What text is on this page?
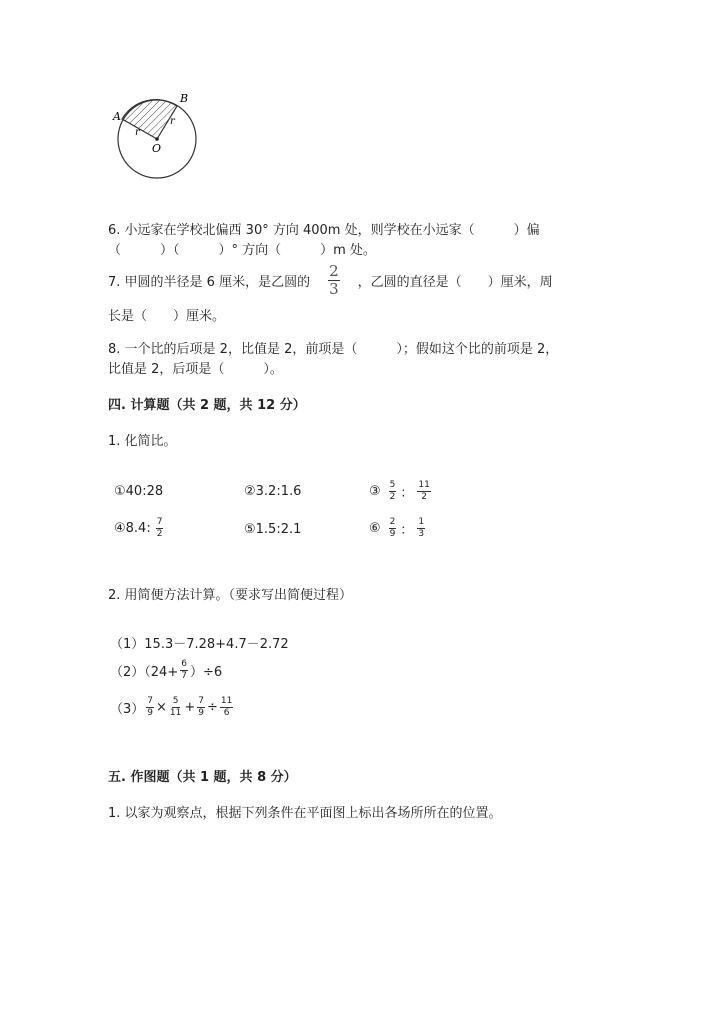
A
B
O
r
r
6. 小远家在学校北偏西 30° 方向 400m 处，则学校在小远家（　　　）偏
（　　　）（　　　）° 方向（　　　）m 处。
7. 甲圆的半径是 6 厘米，是乙圆的 $\frac{2}{3}$ ，乙圆的直径是（　　）厘米，周
长是（　　）厘米。
8. 一个比的后项是 2，比值是 2，前项是（　　　）；假如这个比的前项是 2，
比值是 2，后项是（　　　）。
四. 计算题（共 2 题，共 12 分）
1. 化简比。
①40:28	②3.2:1.6	③ $\frac{5}{2}$ ： $\frac{11}{2}$
④ 8.4: $\frac{7}{2}$	⑤1.5:2.1	⑥ $\frac{2}{9}$ ： $\frac{1}{3}$
2. 用简便方法计算。（要求写出简便过程）
（1）15.3－7.28+4.7－2.72
$(2)(24+ \frac{6}{7} )\div 6$
$(3) \frac{7}{9} \times \frac{5}{11} + \frac{7}{9} \div \frac{11}{6}$
五. 作图题（共 1 题，共 8 分）
1. 以家为观察点，根据下列条件在平面图上标出各场所所在的位置。
